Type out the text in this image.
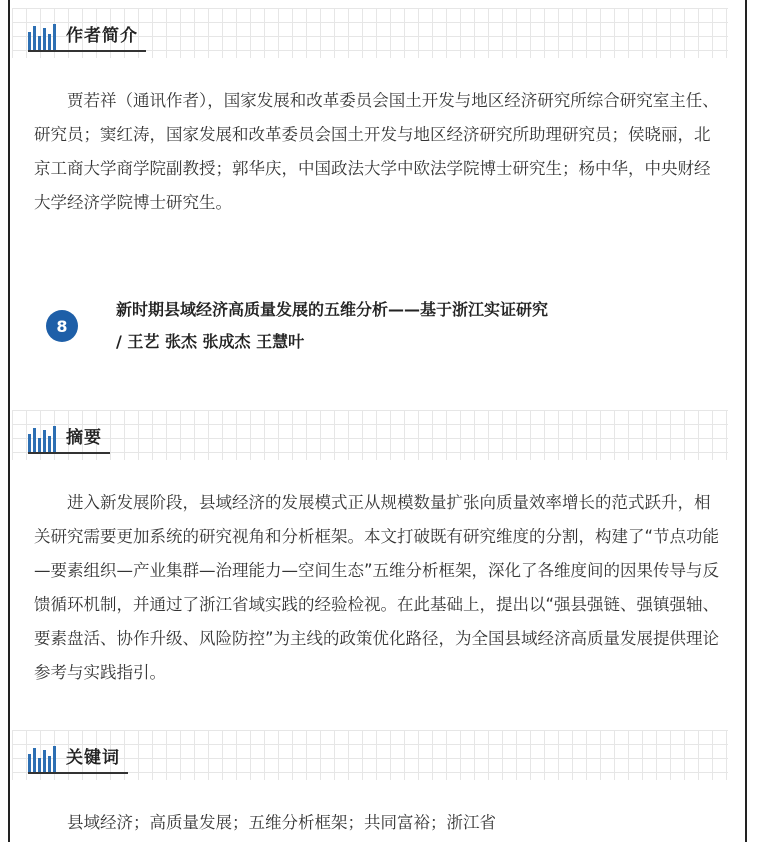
作者简介

贾若祥（通讯作者），国家发展和改革委员会国土开发与地区经济研究所综合研究室主任、研究员；窦红涛，国家发展和改革委员会国土开发与地区经济研究所助理研究员；侯晓丽，北京工商大学商学院副教授；郭华庆，中国政法大学中欧法学院博士研究生；杨中华，中央财经大学经济学院博士研究生。

8
新时期县域经济高质量发展的五维分析——基于浙江实证研究
/ 王艺 张杰 张成杰 王慧叶
摘要

进入新发展阶段，县域经济的发展模式正从规模数量扩张向质量效率增长的范式跃升，相关研究需要更加系统的研究视角和分析框架。本文打破既有研究维度的分割，构建了“节点功能—要素组织—产业集群—治理能力—空间生态”五维分析框架，深化了各维度间的因果传导与反馈循环机制，并通过了浙江省域实践的经验检视。在此基础上，提出以“强县强链、强镇强轴、要素盘活、协作升级、风险防控”为主线的政策优化路径，为全国县域经济高质量发展提供理论参考与实践指引。

关键词

县域经济；高质量发展；五维分析框架；共同富裕；浙江省
